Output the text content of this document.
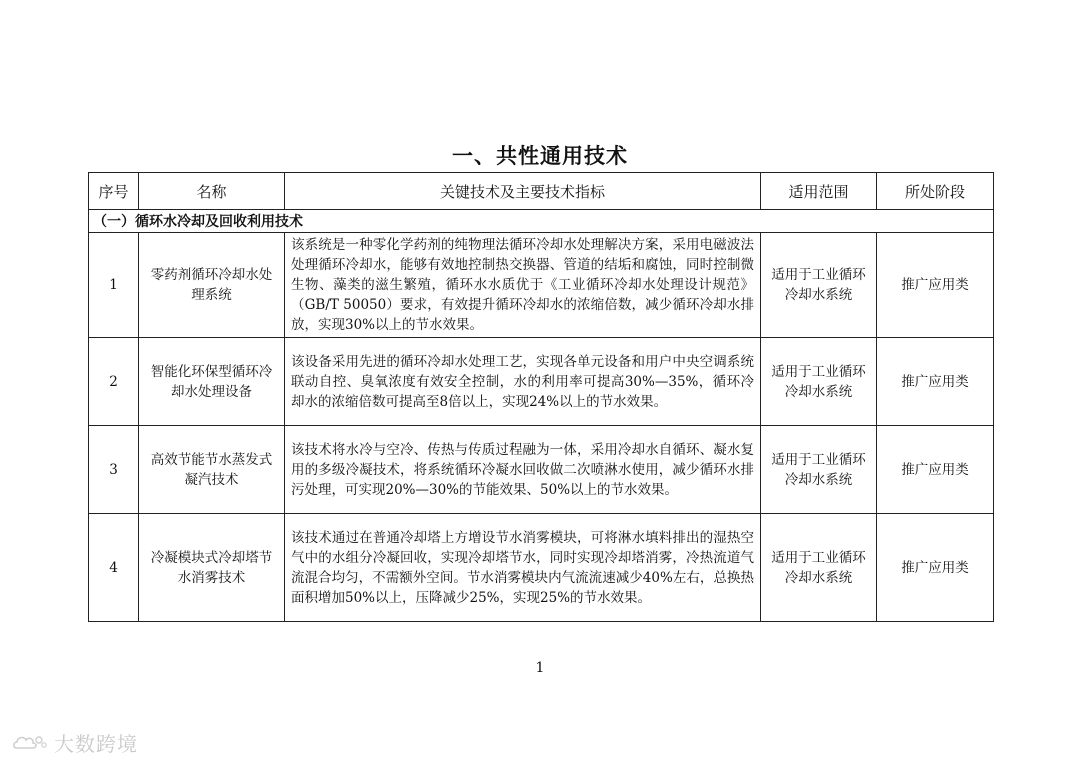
一、共性通用技术
序号	名称	关键技术及主要技术指标	适用范围	所处阶段
（一）循环水冷却及回收利用技术				
1	零药剂循环冷却水处理系统	该系统是一种零化学药剂的纯物理法循环冷却水处理解决方案，采用电磁波法处理循环冷却水，能够有效地控制热交换器、管道的结垢和腐蚀，同时控制微生物、藻类的滋生繁殖，循环水水质优于《工业循环冷却水处理设计规范》（GB/T 50050）要求，有效提升循环冷却水的浓缩倍数，减少循环冷却水排放，实现30%以上的节水效果。	适用于工业循环冷却水系统	推广应用类
2	智能化环保型循环冷却水处理设备	该设备采用先进的循环冷却水处理工艺，实现各单元设备和用户中央空调系统联动自控、臭氧浓度有效安全控制，水的利用率可提高30%—35%，循环冷却水的浓缩倍数可提高至8倍以上，实现24%以上的节水效果。	适用于工业循环冷却水系统	推广应用类
3	高效节能节水蒸发式凝汽技术	该技术将水冷与空冷、传热与传质过程融为一体，采用冷却水自循环、凝水复用的多级冷凝技术，将系统循环冷凝水回收做二次喷淋水使用，减少循环水排污处理，可实现20%—30%的节能效果、50%以上的节水效果。	适用于工业循环冷却水系统	推广应用类
4	冷凝模块式冷却塔节水消雾技术	该技术通过在普通冷却塔上方增设节水消雾模块，可将淋水填料排出的湿热空气中的水组分冷凝回收，实现冷却塔节水，同时实现冷却塔消雾，冷热流道气流混合均匀，不需额外空间。节水消雾模块内气流流速减少40%左右，总换热面积增加50%以上，压降减少25%，实现25%的节水效果。	适用于工业循环冷却水系统	推广应用类
1
大数跨境
